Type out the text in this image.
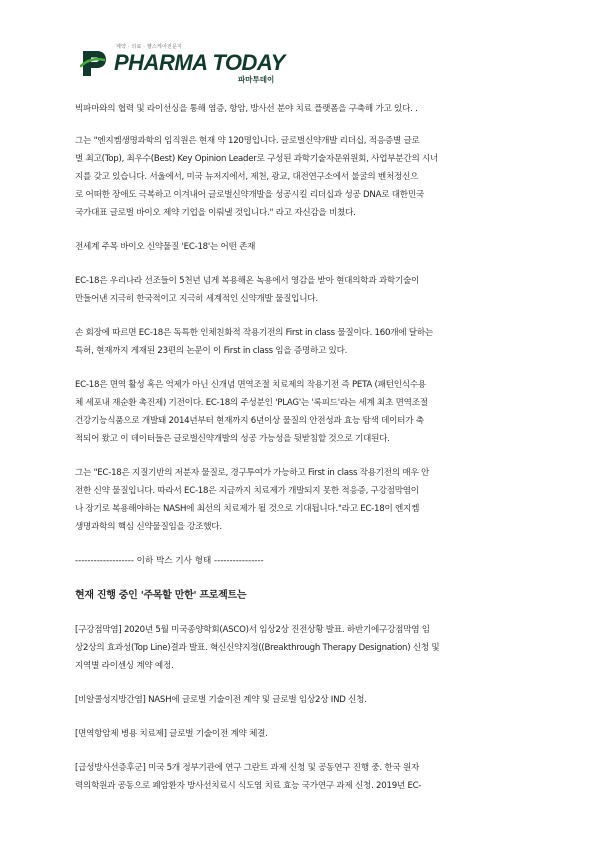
제약 · 의료 · 헬스케어전문지
PHARMA TODAY
파마투데이

빅파마와의 협력 및 라이선싱을 통해 염증, 항암, 방사선 분야 치료 플랫폼을 구축해 가고 있다. .

그는 "엔지켐생명과학의 임직원은 현재 약 120명입니다. 글로벌신약개발 리더십, 적응증별 글로
벌 최고(Top), 최우수(Best) Key Opinion Leader로 구성된 과학기술자문위원회, 사업부분간의 시너
지를 갖고 있습니다. 서울에서, 미국 뉴저지에서, 제천, 광교, 대전연구소에서 불굴의 벤처정신으
로 어떠한 장애도 극복하고 이겨내어 글로벌신약개발을 성공시킬 리더십과 성공 DNA로 대한민국
국가대표 글로벌 바이오 제약 기업을 이뤄낼 것입니다." 라고 자신감을 비쳤다.

전세계 주목 바이오 신약물질 'EC-18'는 어떤 존재

EC-18은 우리나라 선조들이 5천년 넘게 복용해온 녹용에서 영감을 받아 현대의학과 과학기술이
만들어낸 지극히 한국적이고 지극히 세계적인 신약개발 물질입니다.

손 회장에 따르면 EC-18은 독특한 인체친화적 작용기전의 First in class 물질이다. 160개에 달하는
특허, 현재까지 게재된 23편의 논문이 이 First in class 임을 증명하고 있다.

EC-18은 면역 활성 혹은 억제가 아닌 신개념 면역조절 치료제의 작용기전 즉 PETA (패턴인식수용
체 세포내 재순환 촉진제) 기전이다. EC-18의 주성분인 'PLAG'는 '록피드'라는 세계 최초 면역조절
건강기능식품으로 개발돼 2014년부터 현재까지 6년이상 물질의 안전성과 효능 탐색 데이터가 축
적되어 왔고 이 데이터들은 글로벌신약개발의 성공 가능성을 뒷받침할 것으로 기대된다.

그는 "EC-18은 지질기반의 저분자 물질로, 경구투여가 가능하고 First in class 작용기전의 매우 안
전한 신약 물질입니다. 따라서 EC-18은 지금까지 치료제가 개발되지 못한 적응증, 구강점막염이
나 장기로 복용해야하는 NASH에 최선의 치료제가 될 것으로 기대됩니다."라고 EC-18이 엔지켐
생명과학의 핵심 신약물질임을 강조했다.

------------------- 이하 박스 기사 형태 ----------------
현재 진행 중인 '주목할 만한' 프로젝트는

[구강점막염] 2020년 5월 미국종양학회(ASCO)서 임상2상 진전상황 발표. 하반기에구강점막염 임
상2상의 효과성(Top Line)결과 발표. 혁신신약지정((Breakthrough Therapy Designation) 신청 및
지역별 라이센싱 계약 예정.

[비알콜성지방간염] NASH에 글로벌 기술이전 계약 및 글로벌 임상2상 IND 신청.

[면역항암제 병용 치료제] 글로벌 기술이전 계약 체결.

[급성방사선증후군] 미국 5개 정부기관에 연구 그란트 과제 신청 및 공동연구 진행 중. 한국 원자
력의학원과 공동으로 폐암환자 방사선치료시 식도염 치료 효능 국가연구 과제 신청. 2019년 EC-
